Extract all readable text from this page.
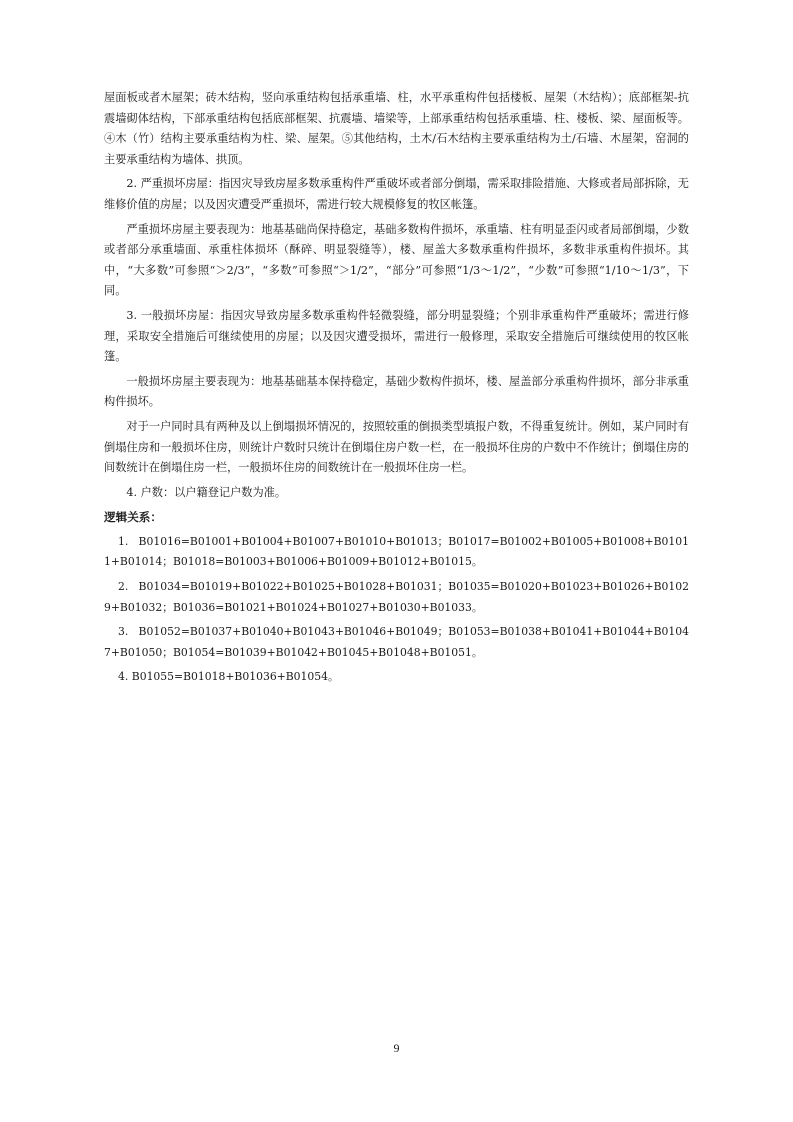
屋面板或者木屋架；砖木结构，竖向承重结构包括承重墙、柱，水平承重构件包括楼板、屋架（木结构）；底部框架-抗震墙砌体结构，下部承重结构包括底部框架、抗震墙、墙梁等，上部承重结构包括承重墙、柱、楼板、梁、屋面板等。④木（竹）结构主要承重结构为柱、梁、屋架。⑤其他结构，土木/石木结构主要承重结构为土/石墙、木屋架，窑洞的主要承重结构为墙体、拱顶。

2. 严重损坏房屋：指因灾导致房屋多数承重构件严重破坏或者部分倒塌，需采取排险措施、大修或者局部拆除，无维修价值的房屋；以及因灾遭受严重损坏，需进行较大规模修复的牧区帐篷。

严重损坏房屋主要表现为：地基基础尚保持稳定，基础多数构件损坏，承重墙、柱有明显歪闪或者局部倒塌，少数或者部分承重墙面、承重柱体损坏（酥碎、明显裂缝等），楼、屋盖大多数承重构件损坏，多数非承重构件损坏。其中，“大多数”可参照“＞2/3”，“多数”可参照“＞1/2”，“部分”可参照“1/3～1/2”，“少数”可参照“1/10～1/3”，下同。

3. 一般损坏房屋：指因灾导致房屋多数承重构件轻微裂缝，部分明显裂缝；个别非承重构件严重破坏；需进行修理，采取安全措施后可继续使用的房屋；以及因灾遭受损坏，需进行一般修理，采取安全措施后可继续使用的牧区帐篷。

一般损坏房屋主要表现为：地基基础基本保持稳定，基础少数构件损坏，楼、屋盖部分承重构件损坏，部分非承重构件损坏。

对于一户同时具有两种及以上倒塌损坏情况的，按照较重的倒损类型填报户数，不得重复统计。例如，某户同时有倒塌住房和一般损坏住房，则统计户数时只统计在倒塌住房户数一栏，在一般损坏住房的户数中不作统计；倒塌住房的间数统计在倒塌住房一栏，一般损坏住房的间数统计在一般损坏住房一栏。

4. 户数：以户籍登记户数为准。

逻辑关系：

1. B01016=B01001+B01004+B01007+B01010+B01013；B01017=B01002+B01005+B01008+B01011+B01014；B01018=B01003+B01006+B01009+B01012+B01015。

2. B01034=B01019+B01022+B01025+B01028+B01031；B01035=B01020+B01023+B01026+B01029+B01032；B01036=B01021+B01024+B01027+B01030+B01033。

3. B01052=B01037+B01040+B01043+B01046+B01049；B01053=B01038+B01041+B01044+B01047+B01050；B01054=B01039+B01042+B01045+B01048+B01051。

4. B01055=B01018+B01036+B01054。

9
